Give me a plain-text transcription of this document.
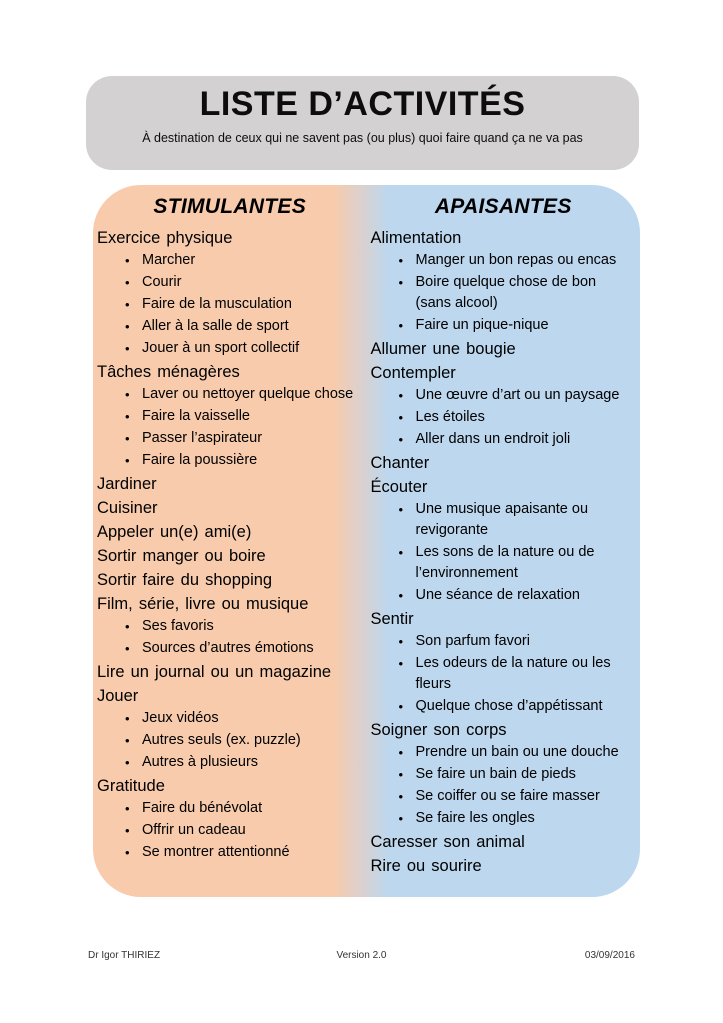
LISTE D’ACTIVITÉS
À destination de ceux qui ne savent pas (ou plus) quoi faire quand ça ne va pas
STIMULANTES
Exercice physique
• Marcher
• Courir
• Faire de la musculation
• Aller à la salle de sport
• Jouer à un sport collectif
Tâches ménagères
• Laver ou nettoyer quelque chose
• Faire la vaisselle
• Passer l’aspirateur
• Faire la poussière
Jardiner
Cuisiner
Appeler un(e) ami(e)
Sortir manger ou boire
Sortir faire du shopping
Film, série, livre ou musique
• Ses favoris
• Sources d’autres émotions
Lire un journal ou un magazine
Jouer
• Jeux vidéos
• Autres seuls (ex. puzzle)
• Autres à plusieurs
Gratitude
• Faire du bénévolat
• Offrir un cadeau
• Se montrer attentionné
APAISANTES
Alimentation
• Manger un bon repas ou encas
• Boire quelque chose de bon (sans alcool)
• Faire un pique-nique
Allumer une bougie
Contempler
• Une œuvre d’art ou un paysage
• Les étoiles
• Aller dans un endroit joli
Chanter
Écouter
• Une musique apaisante ou revigorante
• Les sons de la nature ou de l’environnement
• Une séance de relaxation
Sentir
• Son parfum favori
• Les odeurs de la nature ou les fleurs
• Quelque chose d’appétissant
Soigner son corps
• Prendre un bain ou une douche
• Se faire un bain de pieds
• Se coiffer ou se faire masser
• Se faire les ongles
Caresser son animal
Rire ou sourire
Dr Igor THIRIEZ	Version 2.0	03/09/2016
